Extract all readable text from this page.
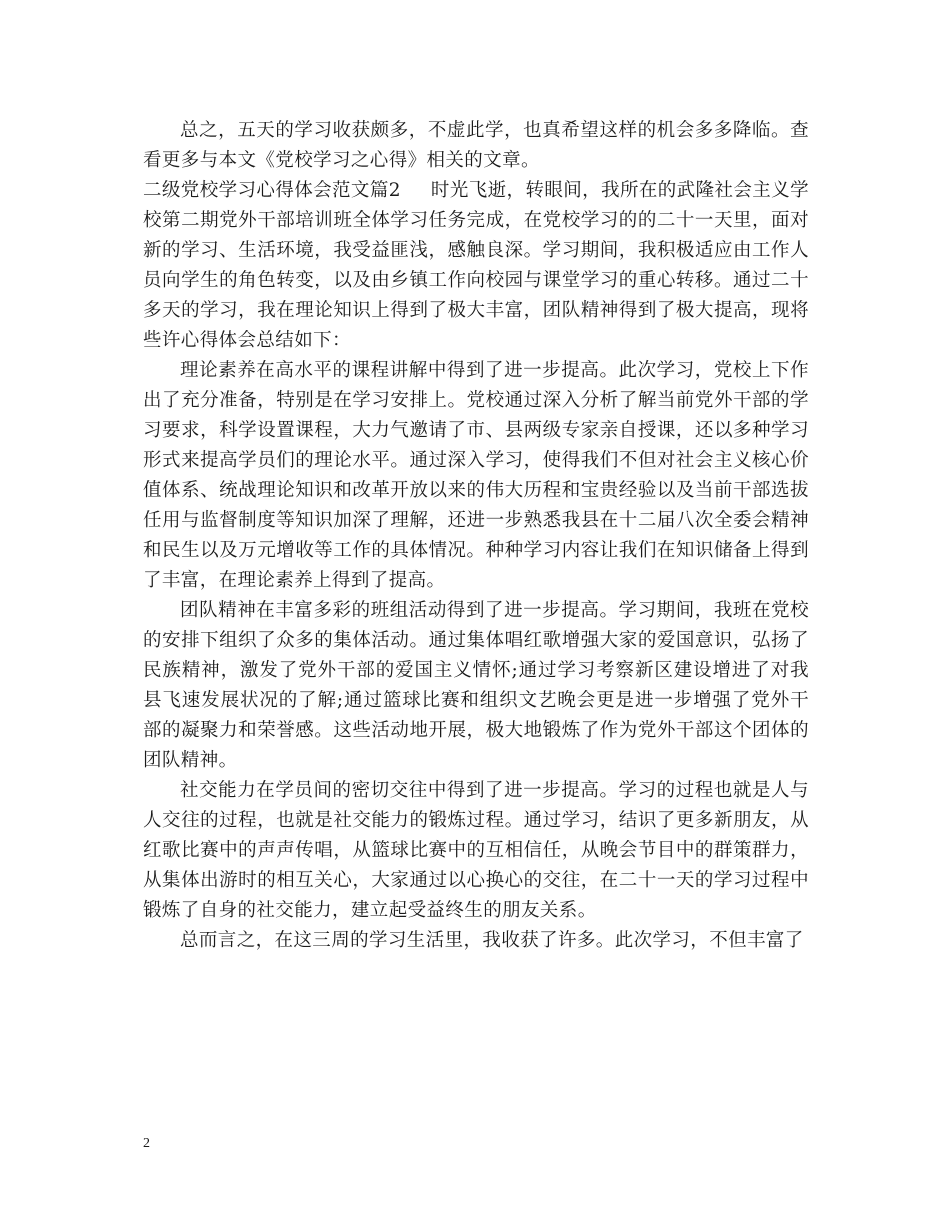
总之，五天的学习收获颇多，不虚此学，也真希望这样的机会多多降临。查看更多与本文《党校学习之心得》相关的文章。

二级党校学习心得体会范文篇2 时光飞逝，转眼间，我所在的武隆社会主义学校第二期党外干部培训班全体学习任务完成，在党校学习的的二十一天里，面对新的学习、生活环境，我受益匪浅，感触良深。学习期间，我积极适应由工作人员向学生的角色转变，以及由乡镇工作向校园与课堂学习的重心转移。通过二十多天的学习，我在理论知识上得到了极大丰富，团队精神得到了极大提高，现将些许心得体会总结如下：

理论素养在高水平的课程讲解中得到了进一步提高。此次学习，党校上下作出了充分准备，特别是在学习安排上。党校通过深入分析了解当前党外干部的学习要求，科学设置课程，大力气邀请了市、县两级专家亲自授课，还以多种学习形式来提高学员们的理论水平。通过深入学习，使得我们不但对社会主义核心价值体系、统战理论知识和改革开放以来的伟大历程和宝贵经验以及当前干部选拔任用与监督制度等知识加深了理解，还进一步熟悉我县在十二届八次全委会精神和民生以及万元增收等工作的具体情况。种种学习内容让我们在知识储备上得到了丰富，在理论素养上得到了提高。

团队精神在丰富多彩的班组活动得到了进一步提高。学习期间，我班在党校的安排下组织了众多的集体活动。通过集体唱红歌增强大家的爱国意识，弘扬了民族精神，激发了党外干部的爱国主义情怀;通过学习考察新区建设增进了对我县飞速发展状况的了解;通过篮球比赛和组织文艺晚会更是进一步增强了党外干部的凝聚力和荣誉感。这些活动地开展，极大地锻炼了作为党外干部这个团体的团队精神。

社交能力在学员间的密切交往中得到了进一步提高。学习的过程也就是人与人交往的过程，也就是社交能力的锻炼过程。通过学习，结识了更多新朋友，从红歌比赛中的声声传唱，从篮球比赛中的互相信任，从晚会节目中的群策群力，从集体出游时的相互关心，大家通过以心换心的交往，在二十一天的学习过程中锻炼了自身的社交能力，建立起受益终生的朋友关系。

总而言之，在这三周的学习生活里，我收获了许多。此次学习，不但丰富了

2
